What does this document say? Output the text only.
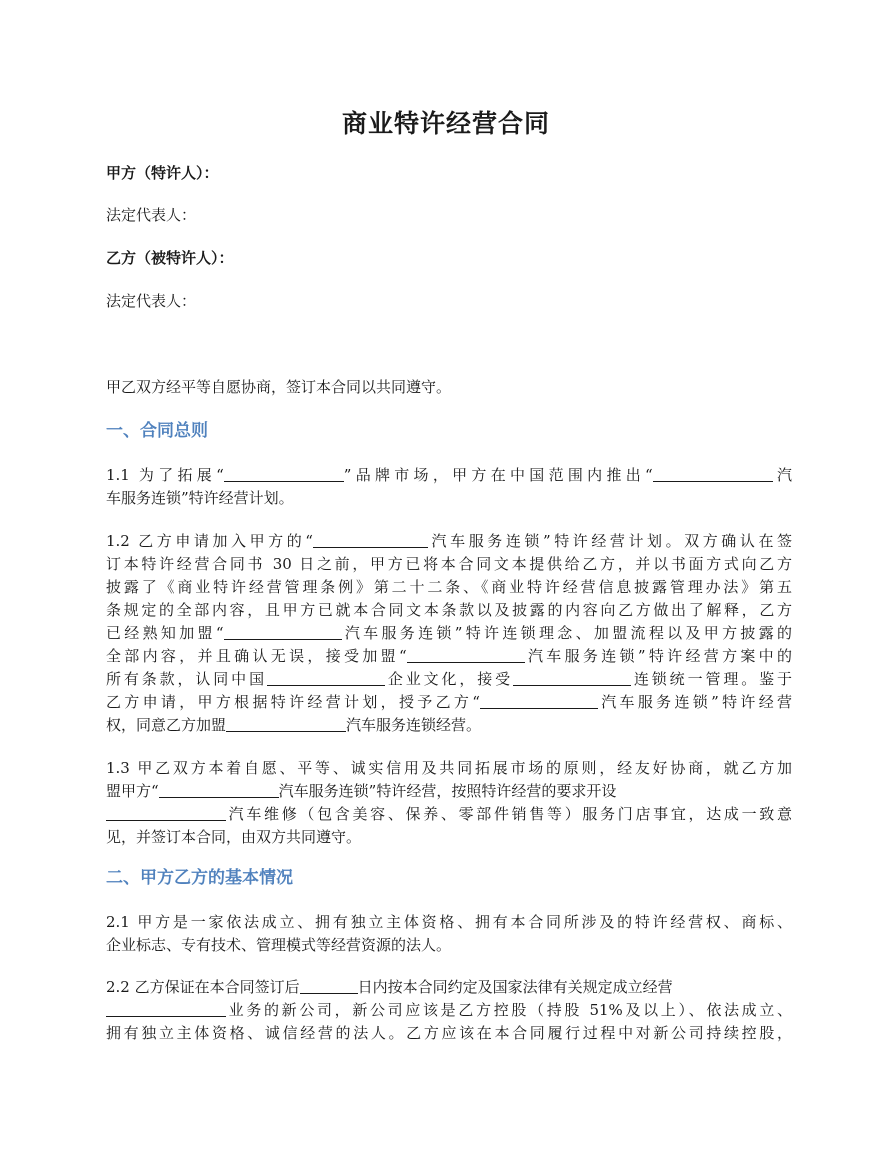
商业特许经营合同
甲方（特许人）：
法定代表人：
乙方（被特许人）：
法定代表人：
甲乙双方经平等自愿协商，签订本合同以共同遵守。
一、合同总则
1.1 为了拓展“	”品牌市场，甲方在中国范围内推出“	汽
车服务连锁”特许经营计划。
1.2 乙方申请加入甲方的“	汽车服务连锁”特许经营计划。双方确认在签
订本特许经营合同书 30 日之前，甲方已将本合同文本提供给乙方，并以书面方式向乙方
披露了《商业特许经营管理条例》第二十二条、《商业特许经营信息披露管理办法》第五
条规定的全部内容，且甲方已就本合同文本条款以及披露的内容向乙方做出了解释，乙方
已经熟知加盟“	汽车服务连锁”特许连锁理念、加盟流程以及甲方披露的
全部内容，并且确认无误，接受加盟“	汽车服务连锁”特许经营方案中的
所有条款，认同中国	企业文化，接受	连锁统一管理。鉴于
乙方申请，甲方根据特许经营计划，授予乙方“	汽车服务连锁”特许经营
权，同意乙方加盟	汽车服务连锁经营。
1.3 甲乙双方本着自愿、平等、诚实信用及共同拓展市场的原则，经友好协商，就乙方加
盟甲方“	汽车服务连锁”特许经营，按照特许经营的要求开设
汽车维修（包含美容、保养、零部件销售等）服务门店事宜，达成一致意
见，并签订本合同，由双方共同遵守。
二、甲方乙方的基本情况
2.1 甲方是一家依法成立、拥有独立主体资格、拥有本合同所涉及的特许经营权、商标、
企业标志、专有技术、管理模式等经营资源的法人。
2.2 乙方保证在本合同签订后	日内按本合同约定及国家法律有关规定成立经营
业务的新公司，新公司应该是乙方控股（持股 51%及以上）、依法成立、
拥有独立主体资格、诚信经营的法人。乙方应该在本合同履行过程中对新公司持续控股，
